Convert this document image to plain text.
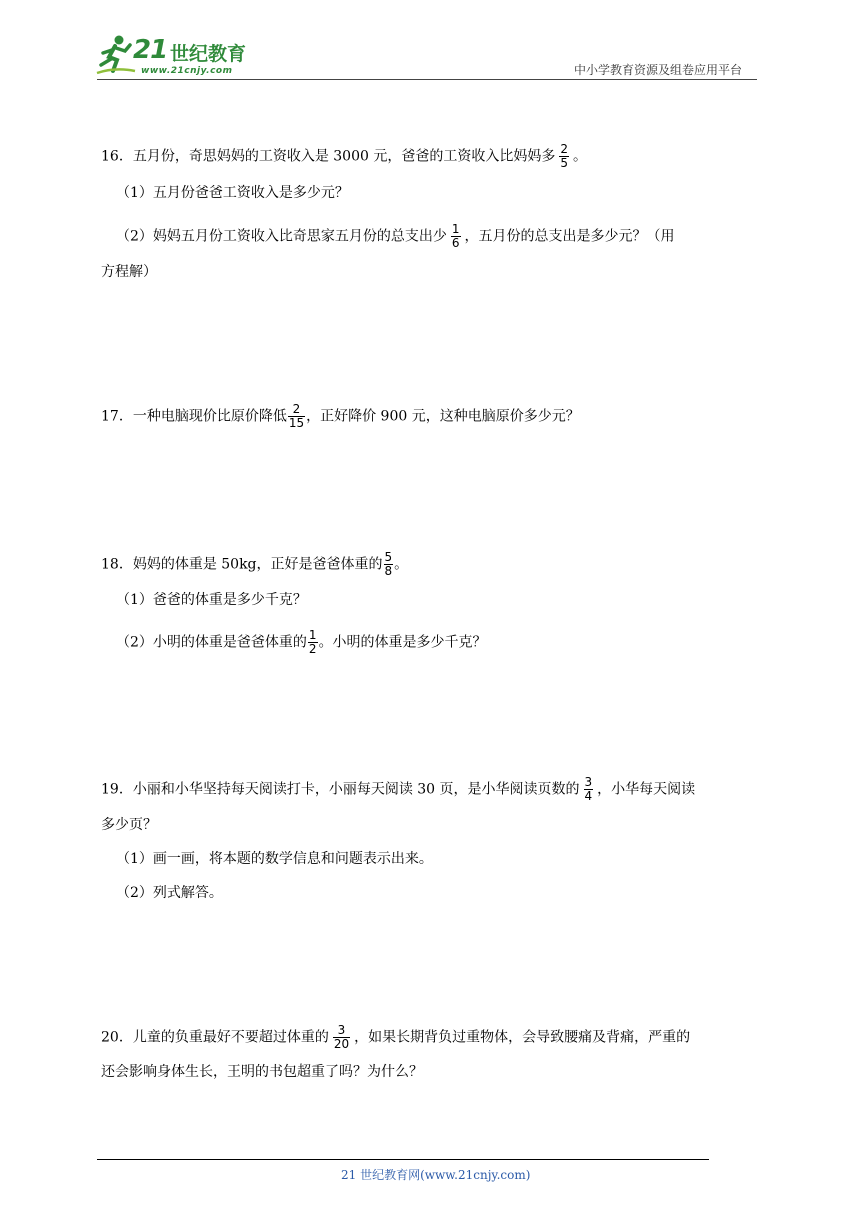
21 世纪教育
www.21cnjy.com	中小学教育资源及组卷应用平台
16．五月份，奇思妈妈的工资收入是 3000 元，爸爸的工资收入比妈妈多 $\frac{2}{5}$ 。
（1）五月份爸爸工资收入是多少元？
（2）妈妈五月份工资收入比奇思家五月份的总支出少 $\frac{1}{6}$ ，五月份的总支出是多少元？（用
方程解）
17．一种电脑现价比原价降低 $\frac{2}{15}$ ，正好降价 900 元，这种电脑原价多少元？
18．妈妈的体重是 50kg，正好是爸爸体重的 $\frac{5}{8}$ 。
（1）爸爸的体重是多少千克？
（2）小明的体重是爸爸体重的 $\frac{1}{2}$ 。小明的体重是多少千克？
19．小丽和小华坚持每天阅读打卡，小丽每天阅读 30 页，是小华阅读页数的 $\frac{3}{4}$ ，小华每天阅读
多少页？
（1）画一画，将本题的数学信息和问题表示出来。
（2）列式解答。
20．儿童的负重最好不要超过体重的 $\frac{3}{20}$ ，如果长期背负过重物体，会导致腰痛及背痛，严重的
还会影响身体生长，王明的书包超重了吗？为什么？
21 世纪教育网(www.21cnjy.com)
